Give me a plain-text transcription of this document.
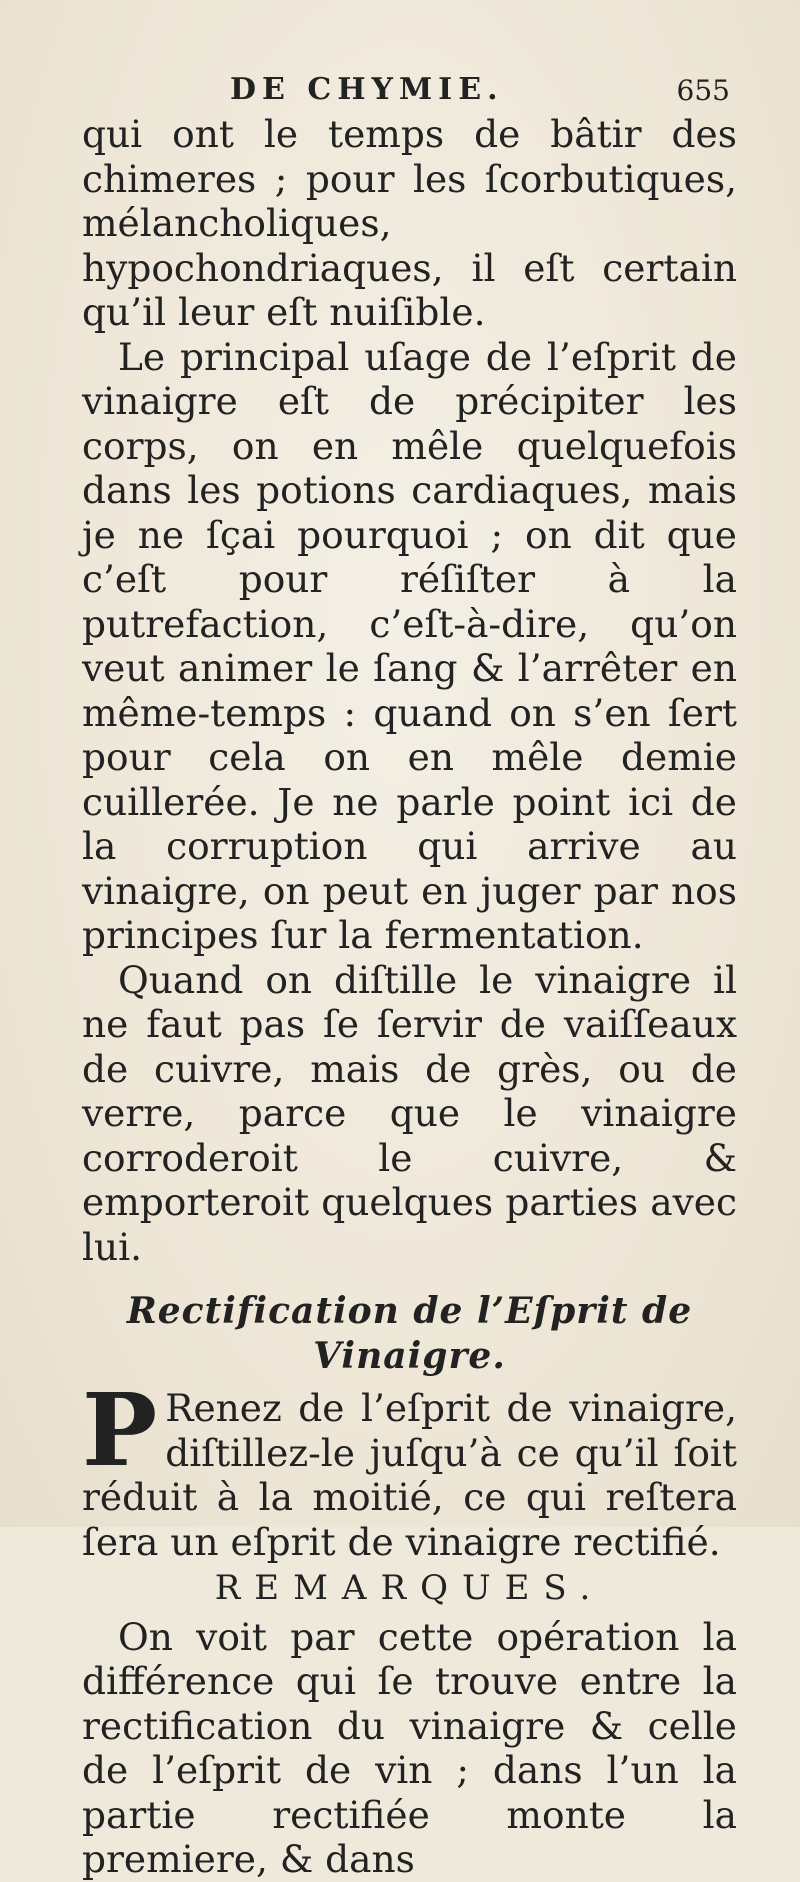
DE CHYMIE.	655

qui ont le temps de bâtir des chimeres ; pour les ſcorbutiques, mélancholiques, hypochondriaques, il eſt certain qu’il leur eſt nuiſible.

Le principal uſage de l’eſprit de vinaigre eſt de précipiter les corps, on en mêle quelquefois dans les potions cardiaques, mais je ne ſçai pourquoi ; on dit que c’eſt pour réſiſter à la putrefaction, c’eſt-à-dire, qu’on veut animer le ſang & l’arrêter en même-temps : quand on s’en ſert pour cela on en mêle demie cuillerée. Je ne parle point ici de la corruption qui arrive au vinaigre, on peut en juger par nos principes ſur la fermentation.

Quand on diſtille le vinaigre il ne faut pas ſe ſervir de vaiſſeaux de cuivre, mais de grès, ou de verre, parce que le vinaigre corroderoit le cuivre, & emporteroit quelques parties avec lui.

Rectification de l’Eſprit de Vinaigre.

P Renez de l’eſprit de vinaigre, diſtillez-le juſqu’à ce qu’il ſoit réduit à la moitié, ce qui reſtera ſera un eſprit de vinaigre rectifié.

REMARQUES.

On voit par cette opération la différence qui ſe trouve entre la rectification du vinaigre & celle de l’eſprit de vin ; dans l’un la partie rectifiée monte la premiere, & dans
